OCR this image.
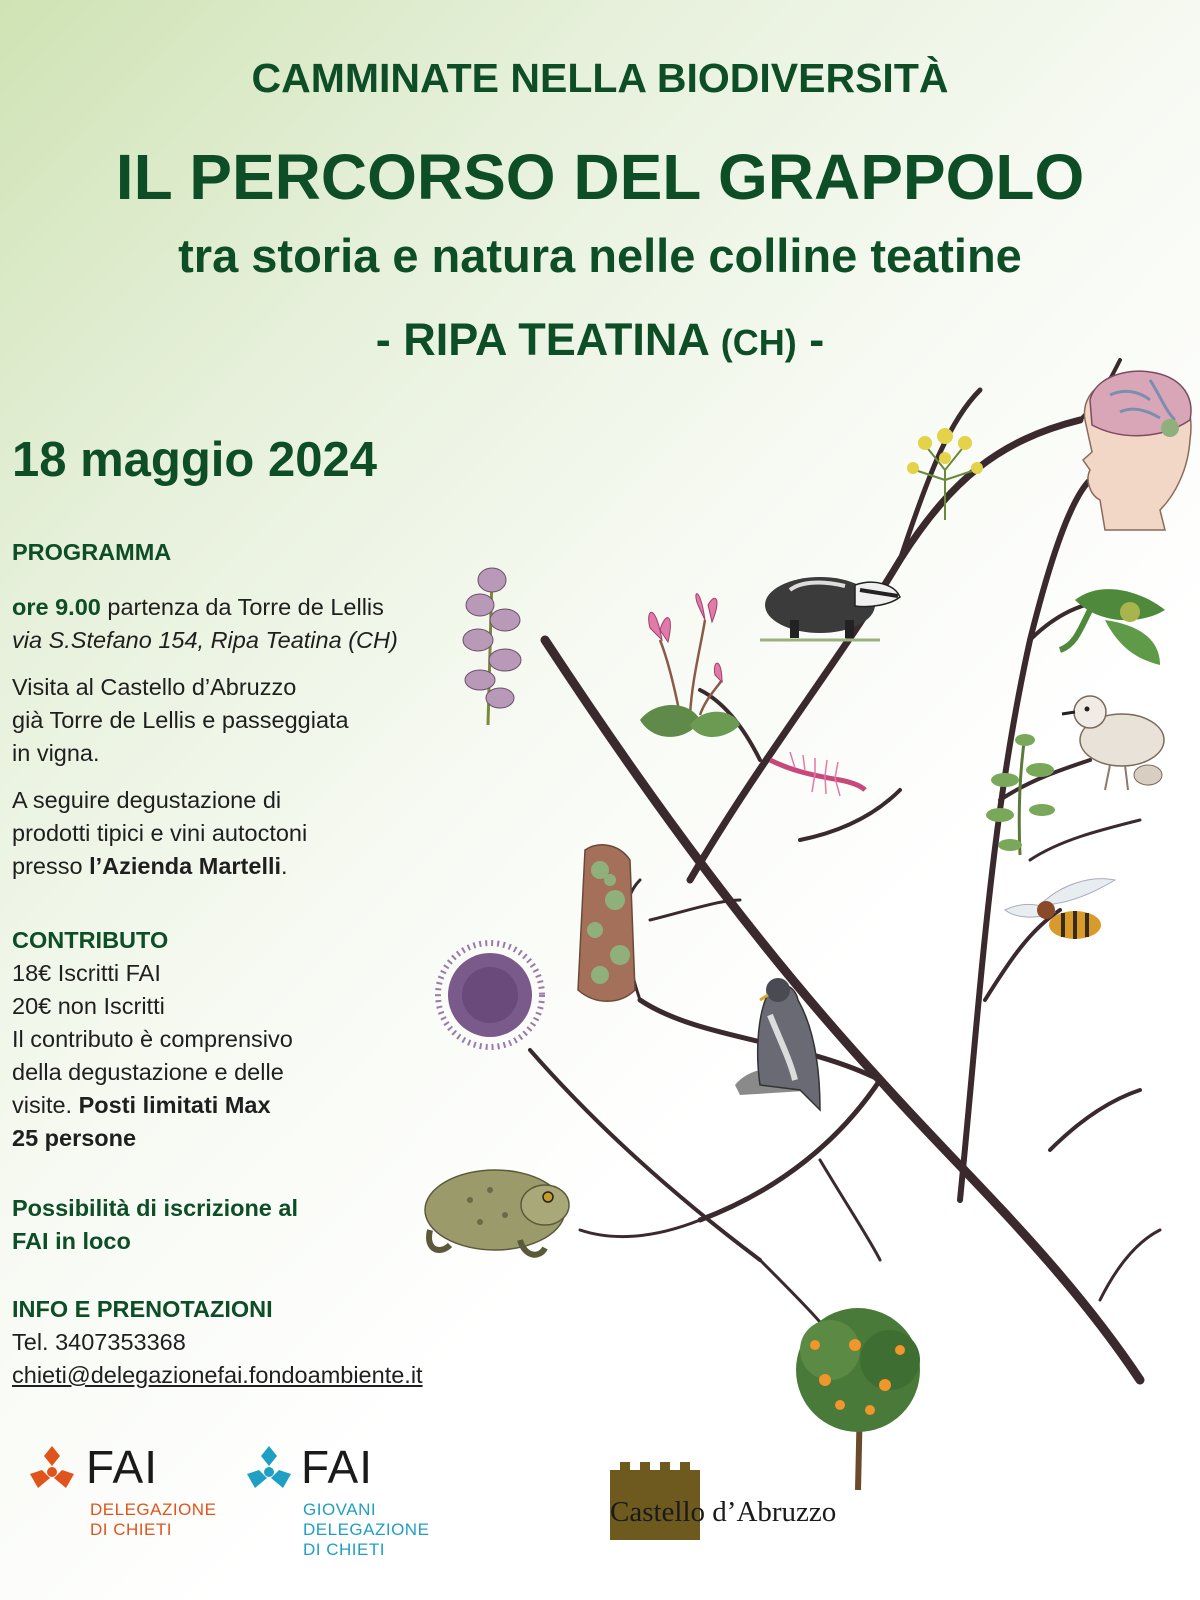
CAMMINATE NELLA BIODIVERSITÀ
IL PERCORSO DEL GRAPPOLO
tra storia e natura nelle colline teatine
- RIPA TEATINA (CH) -
18 maggio 2024

PROGRAMMA

ore 9.00 partenza da Torre de Lellis

via S.Stefano 154, Ripa Teatina (CH)

Visita al Castello d’Abruzzo

già Torre de Lellis e passeggiata

in vigna.

A seguire degustazione di

prodotti tipici e vini autoctoni

presso l’Azienda Martelli.

CONTRIBUTO

18€ Iscritti FAI

20€ non Iscritti

Il contributo è comprensivo

della degustazione e delle

visite. Posti limitati Max

25 persone

Possibilità di iscrizione al

FAI in loco

INFO E PRENOTAZIONI

Tel. 3407353368

chieti@delegazionefai.fondoambiente.it

FAI
DELEGAZIONE
DI CHIETI
FAI
GIOVANI
DELEGAZIONE
DI CHIETI
Castello d’Abruzzo
